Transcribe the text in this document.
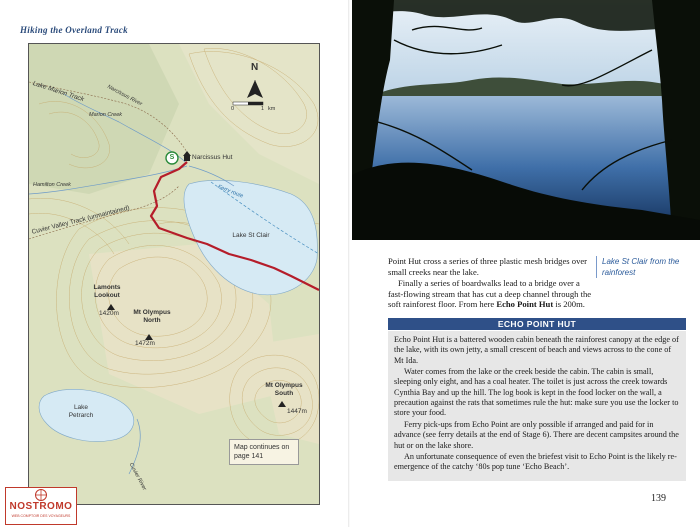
Hiking the Overland Track
Lake Marion Track	Narcissus River
Marion Creek
Narcissus Hut
Hamilton Creek	Ferry route
Cuvier Valley Track (unmaintained)	Lake St Clair
Lamonts Lookout
1420m	Mt Olympus North
1472m
Mt Olympus South
1447m
Lake Petrarch
Cuvier River
N
0	1 km
S
Map continues on page 141
NOSTROMO
WEB COMPTOIR DES VOYAGEURS
Lake St Clair from the rainforest

Point Hut cross a series of three plastic mesh bridges over small creeks near the lake.

Finally a series of boardwalks lead to a bridge over a fast-flowing stream that has cut a deep channel through the soft rainforest floor. From here Echo Point Hut is 200m.

ECHO POINT HUT

Echo Point Hut is a battered wooden cabin beneath the rainforest canopy at the edge of the lake, with its own jetty, a small crescent of beach and views across to the cone of Mt Ida.

Water comes from the lake or the creek beside the cabin. The cabin is small, sleeping only eight, and has a coal heater. The toilet is just across the creek towards Cynthia Bay and up the hill. The log book is kept in the food locker on the wall, a precaution against the rats that sometimes rule the hut: make sure you use the locker to store your food.

Ferry pick-ups from Echo Point are only possible if arranged and paid for in advance (see ferry details at the end of Stage 6). There are decent campsites around the hut or on the lake shore.

An unfortunate consequence of even the briefest visit to Echo Point is the likely re-emergence of the catchy ‘80s pop tune ‘Echo Beach’.

139
